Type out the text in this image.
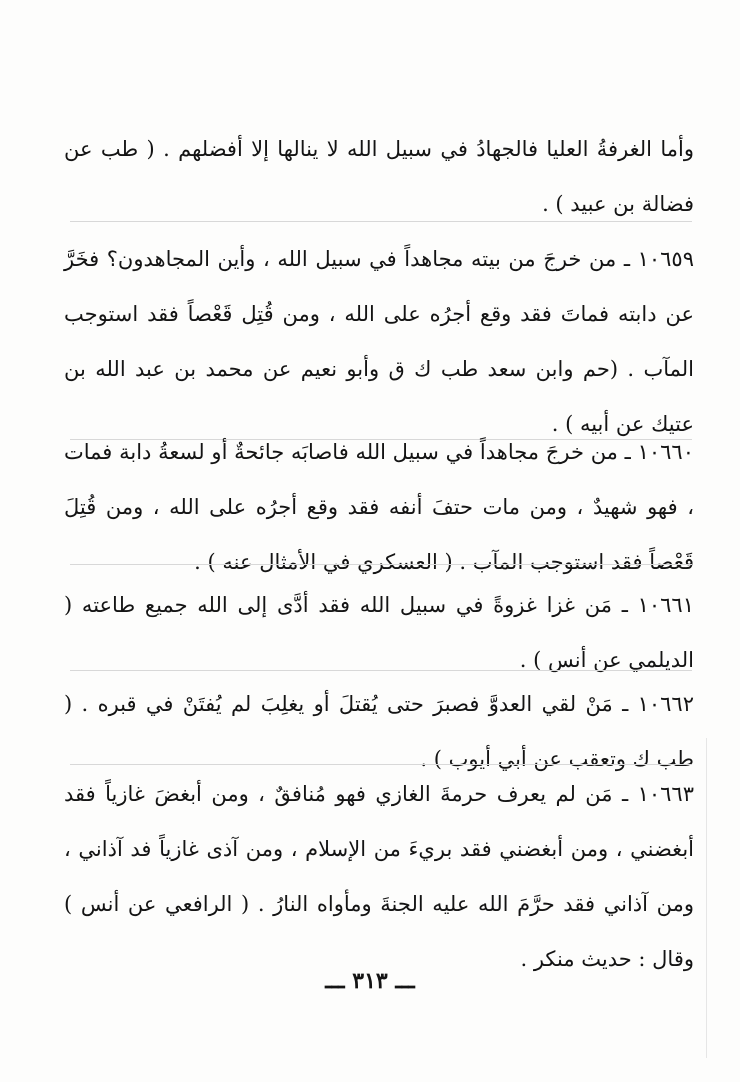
وأما الغرفةُ العليا فالجهادُ في سبيل الله لا ينالها إلا أفضلهم . ( طب عن فضالة بن عبيد ) .

١٠٦٥٩ ـ من خرجَ من بيته مجاهداً في سبيل الله ، وأين المجاهدون؟ فخَرَّ عن دابته فماتَ فقد وقع أجرُه على الله ، ومن قُتِل قَعْصاً فقد استوجب المآب . (حم وابن سعد طب ك ق وأبو نعيم عن محمد بن عبد الله بن عتيك عن أبيه ) .

١٠٦٦٠ ـ من خرجَ مجاهداً في سبيل الله فاصابَه جائحةٌ أو لسعةُ دابة فمات ، فهو شهيدٌ ، ومن مات حتفَ أنفه فقد وقع أجرُه على الله ، ومن قُتِلَ قَعْصاً فقد استوجب المآب . ( العسكري في الأمثال عنه ) .

١٠٦٦١ ـ مَن غزا غزوةً في سبيل الله فقد أدَّى إلى الله جميع طاعته ( الديلمي عن أنس ) .

١٠٦٦٢ ـ مَنْ لقي العدوَّ فصبرَ حتى يُقتلَ أو يغلِبَ لم يُفتَنْ في قبره . ( طب ك وتعقب عن أبي أيوب ) .

١٠٦٦٣ ـ مَن لم يعرف حرمةَ الغازي فهو مُنافقٌ ، ومن أبغضَ غازياً فقد أبغضني ، ومن أبغضني فقد بريءَ من الإسلام ، ومن آذى غازياً فد آذاني ، ومن آذاني فقد حرَّمَ الله عليه الجنةَ ومأواه النارُ . ( الرافعي عن أنس ) وقال : حديث منكر .

ـــ ٣١٣ ـــ
